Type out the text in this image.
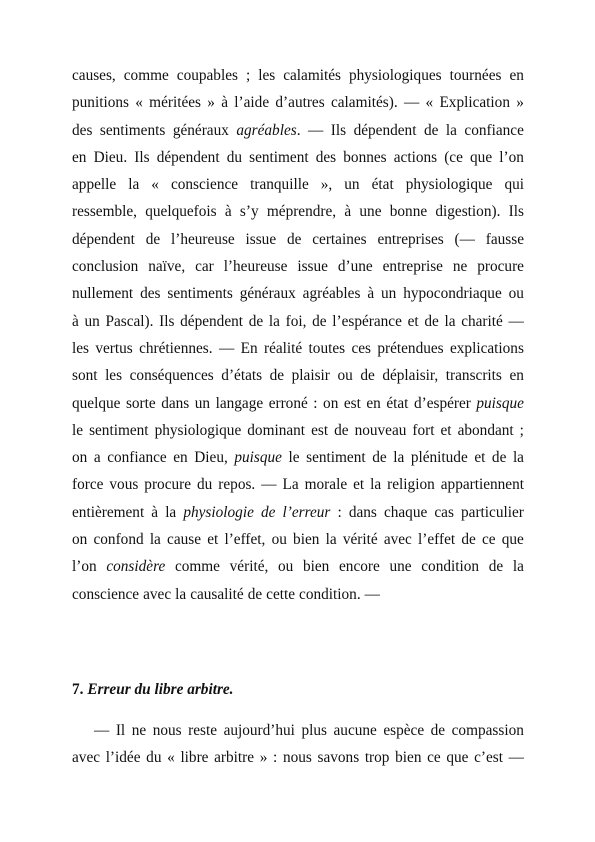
causes, comme coupables ; les calamités physiologiques tournées en
punitions « méritées » à l’aide d’autres calamités). — « Explication »
des sentiments généraux agréables. — Ils dépendent de la confiance
en Dieu. Ils dépendent du sentiment des bonnes actions (ce que l’on
appelle la « conscience tranquille », un état physiologique qui
ressemble, quelquefois à s’y méprendre, à une bonne digestion). Ils
dépendent de l’heureuse issue de certaines entreprises (— fausse
conclusion naïve, car l’heureuse issue d’une entreprise ne procure
nullement des sentiments généraux agréables à un hypocondriaque ou
à un Pascal). Ils dépendent de la foi, de l’espérance et de la charité —
les vertus chrétiennes. — En réalité toutes ces prétendues explications
sont les conséquences d’états de plaisir ou de déplaisir, transcrits en
quelque sorte dans un langage erroné : on est en état d’espérer puisque
le sentiment physiologique dominant est de nouveau fort et abondant ;
on a confiance en Dieu, puisque le sentiment de la plénitude et de la
force vous procure du repos. — La morale et la religion appartiennent
entièrement à la physiologie de l’erreur : dans chaque cas particulier
on confond la cause et l’effet, ou bien la vérité avec l’effet de ce que
l’on considère comme vérité, ou bien encore une condition de la
conscience avec la causalité de cette condition. —
7. Erreur du libre arbitre.
— Il ne nous reste aujourd’hui plus aucune espèce de compassion
avec l’idée du « libre arbitre » : nous savons trop bien ce que c’est —
